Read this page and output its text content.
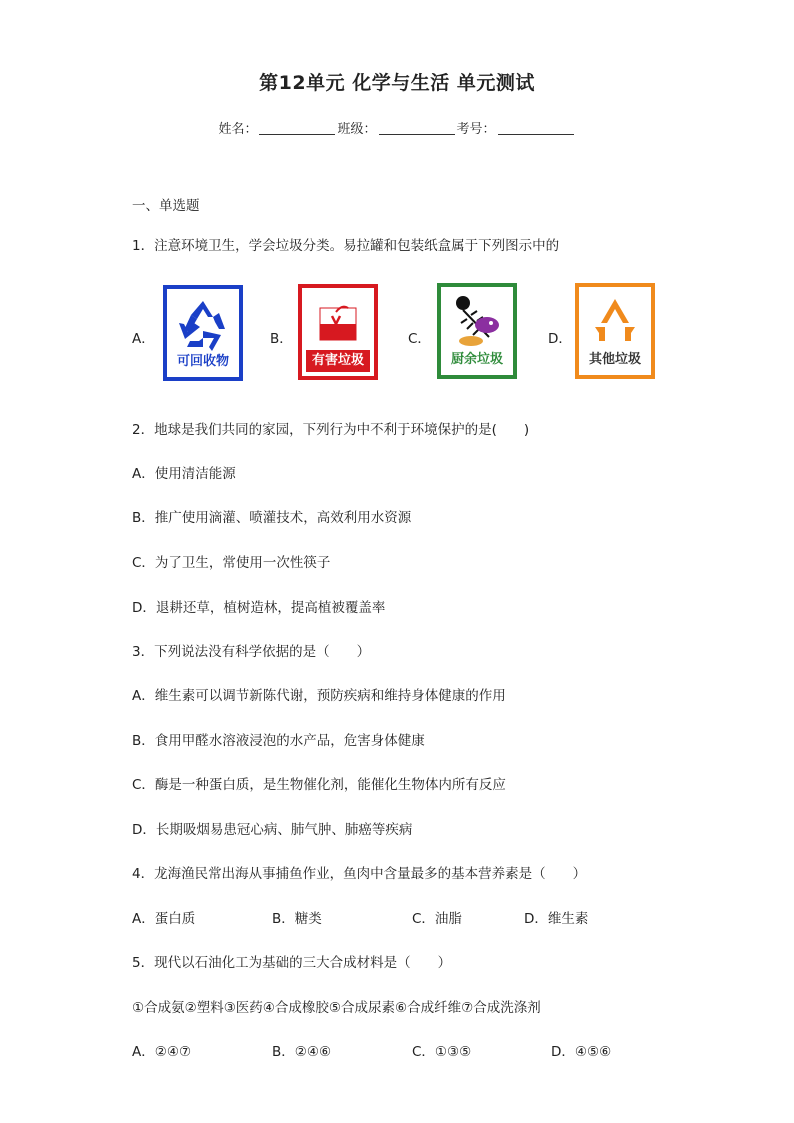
第12单元 化学与生活 单元测试
姓名：	班级：	考号：
一、单选题
1．注意环境卫生，学会垃圾分类。易拉罐和包装纸盒属于下列图示中的
A．
可回收物
B．
有害垃圾
C．
厨余垃圾
D．
其他垃圾
2．地球是我们共同的家园，下列行为中不利于环境保护的是(　　)
A．使用清洁能源
B．推广使用滴灌、喷灌技术，高效利用水资源
C．为了卫生，常使用一次性筷子
D．退耕还草，植树造林，提高植被覆盖率
3．下列说法没有科学依据的是（　　）
A．维生素可以调节新陈代谢，预防疾病和维持身体健康的作用
B．食用甲醛水溶液浸泡的水产品，危害身体健康
C．酶是一种蛋白质，是生物催化剂，能催化生物体内所有反应
D．长期吸烟易患冠心病、肺气肿、肺癌等疾病
4．龙海渔民常出海从事捕鱼作业，鱼肉中含量最多的基本营养素是（　　）
A．蛋白质	B．糖类	C．油脂	D．维生素
5．现代以石油化工为基础的三大合成材料是（　　）
①合成氨②塑料③医药④合成橡胶⑤合成尿素⑥合成纤维⑦合成洗涤剂
A．②④⑦	B．②④⑥	C．①③⑤	D．④⑤⑥
